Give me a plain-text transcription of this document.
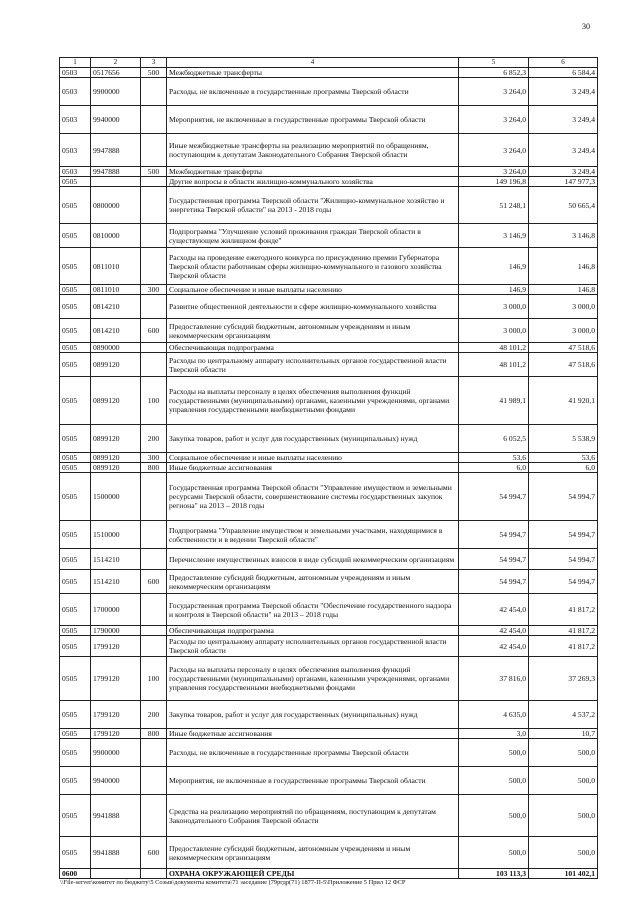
30
1	2	3	4	5	6
0503	0517656	500	Межбюджетные трансферты	6 852,3	6 584,4
0503	9900000		Расходы, не включенные в государственные программы Тверской области	3 264,0	3 249,4
0503	9940000		Мероприятия, не включенные в государственные программы Тверской области	3 264,0	3 249,4
0503	9947888		Иные межбюджетные трансферты на реализацию мероприятий по обращениям, поступающим к депутатам Законодательного Собрания Тверской области	3 264,0	3 249,4
0503	9947888	500	Межбюджетные трансферты	3 264,0	3 249,4
0505			Другие вопросы в области жилищно-коммунального хозяйства	149 196,8	147 977,3
0505	0800000		Государственная программа Тверской области "Жилищно-коммунальное хозяйство и энергетика Тверской области" на 2013 - 2018 годы	51 248,1	50 665,4
0505	0810000		Подпрограмма "Улучшение условий проживания граждан Тверской области в существующем жилищном фонде"	3 146,9	3 146,8
0505	0811010		Расходы на проведение ежегодного конкурса по присуждению премии Губернатора Тверской области работникам сферы жилищно-коммунального и газового хозяйства Тверской области	146,9	146,8
0505	0811010	300	Социальное обеспечение и иные выплаты населению	146,9	146,8
0505	0814210		Развитие общественной деятельности в сфере жилищно-коммунального хозяйства	3 000,0	3 000,0
0505	0814210	600	Предоставление субсидий бюджетным, автономным учреждениям и иным некоммерческим организациям	3 000,0	3 000,0
0505	0890000		Обеспечивающая подпрограмма	48 101,2	47 518,6
0505	0899120		Расходы по центральному аппарату исполнительных органов государственной власти Тверской области	48 101,2	47 518,6
0505	0899120	100	Расходы на выплаты персоналу в целях обеспечения выполнения функций государственными (муниципальными) органами, казенными учреждениями, органами управления государственными внебюджетными фондами	41 989,1	41 920,1
0505	0899120	200	Закупка товаров, работ и услуг для государственных (муниципальных) нужд	6 052,5	5 538,9
0505	0899120	300	Социальное обеспечение и иные выплаты населению	53,6	53,6
0505	0899120	800	Иные бюджетные ассигнования	6,0	6,0
0505	1500000		Государственная программа Тверской области "Управление имуществом и земельными ресурсами Тверской области, совершенствование системы государственных закупок региона" на 2013 – 2018 годы	54 994,7	54 994,7
0505	1510000		Подпрограмма "Управление имуществом и земельными участками, находящимися в собственности и в ведении Тверской области"	54 994,7	54 994,7
0505	1514210		Перечисление имущественных взносов в виде субсидий некоммерческим организациям	54 994,7	54 994,7
0505	1514210	600	Предоставление субсидий бюджетным, автономным учреждениям и иным некоммерческим организациям	54 994,7	54 994,7
0505	1700000		Государственная программа Тверской области "Обеспечение государственного надзора и контроля в Тверской области" на 2013 – 2018 годы	42 454,0	41 817,2
0505	1790000		Обеспечивающая подпрограмма	42 454,0	41 817,2
0505	1799120		Расходы по центральному аппарату исполнительных органов государственной власти Тверской области	42 454,0	41 817,2
0505	1799120	100	Расходы на выплаты персоналу в целях обеспечения выполнения функций государственными (муниципальными) органами, казенными учреждениями, органами управления государственными внебюджетными фондами	37 816,0	37 269,3
0505	1799120	200	Закупка товаров, работ и услуг для государственных (муниципальных) нужд	4 635,0	4 537,2
0505	1799120	800	Иные бюджетные ассигнования	3,0	10,7
0505	9900000		Расходы, не включенные в государственные программы Тверской области	500,0	500,0
0505	9940000		Мероприятия, не включенные в государственные программы Тверской области	500,0	500,0
0505	9941888		Средства на реализацию мероприятий по обращениям, поступающим к депутатам Законодательного Собрания Тверской области	500,0	500,0
0505	9941888	600	Предоставление субсидий бюджетным, автономным учреждениям и иным некоммерческим организациям	500,0	500,0
0600			ОХРАНА ОКРУЖАЮЩЕЙ СРЕДЫ	103 113,3	101 402,1
\\File-server\комитет по бюджету\5 Созыв\документы комитета\71 заседание (79ргдр(71) 1877-П-5\Приложение 5 Прил 12 ФСР
